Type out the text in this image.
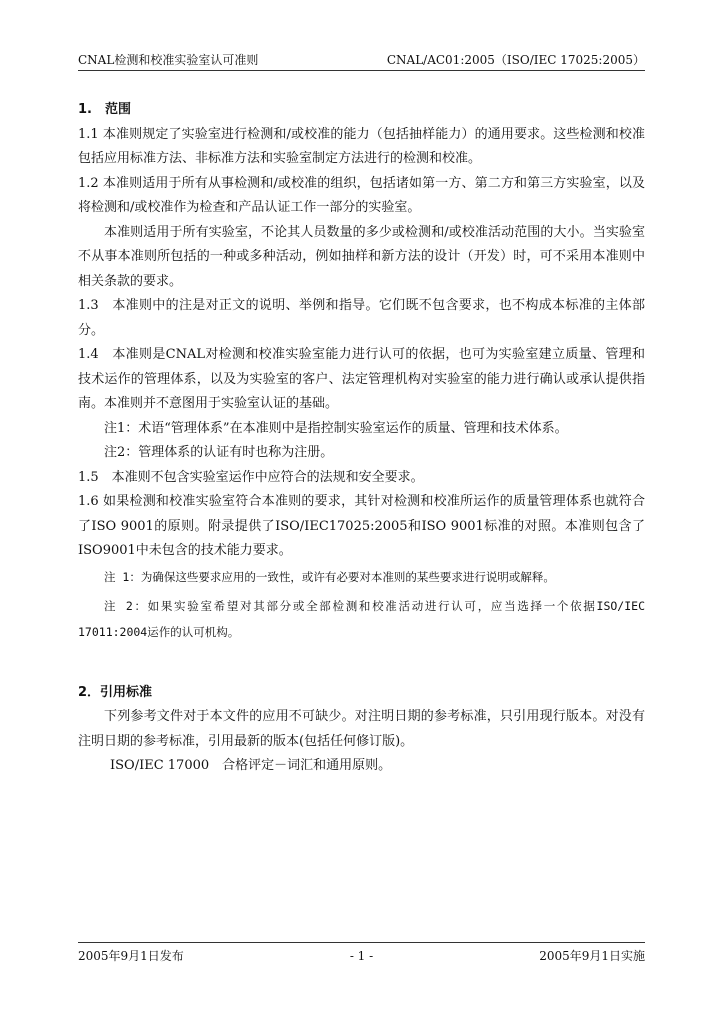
CNAL检测和校准实验室认可准则	CNAL/AC01:2005（ISO/IEC 17025:2005）

1.　范围

1.1 本准则规定了实验室进行检测和/或校准的能力（包括抽样能力）的通用要求。这些检测和校准包括应用标准方法、非标准方法和实验室制定方法进行的检测和校准。

1.2 本准则适用于所有从事检测和/或校准的组织，包括诸如第一方、第二方和第三方实验室，以及将检测和/或校准作为检查和产品认证工作一部分的实验室。

本准则适用于所有实验室，不论其人员数量的多少或检测和/或校准活动范围的大小。当实验室不从事本准则所包括的一种或多种活动，例如抽样和新方法的设计（开发）时，可不采用本准则中相关条款的要求。

1.3　本准则中的注是对正文的说明、举例和指导。它们既不包含要求，也不构成本标准的主体部分。

1.4　本准则是CNAL对检测和校准实验室能力进行认可的依据，也可为实验室建立质量、管理和技术运作的管理体系，以及为实验室的客户、法定管理机构对实验室的能力进行确认或承认提供指南。本准则并不意图用于实验室认证的基础。

注1：术语“管理体系”在本准则中是指控制实验室运作的质量、管理和技术体系。

注2：管理体系的认证有时也称为注册。

1.5　本准则不包含实验室运作中应符合的法规和安全要求。

1.6 如果检测和校准实验室符合本准则的要求，其针对检测和校准所运作的质量管理体系也就符合了ISO 9001的原则。附录提供了ISO/IEC17025:2005和ISO 9001标准的对照。本准则包含了ISO9001中未包含的技术能力要求。

注 1：为确保这些要求应用的一致性，或许有必要对本准则的某些要求进行说明或解释。

注 2：如果实验室希望对其部分或全部检测和校准活动进行认可，应当选择一个依据ISO/IEC 17011:2004运作的认可机构。

2．引用标准

下列参考文件对于本文件的应用不可缺少。对注明日期的参考标准，只引用现行版本。对没有注明日期的参考标准，引用最新的版本(包括任何修订版)。

ISO/IEC 17000　合格评定－词汇和通用原则。

2005年9月1日发布	- 1 -	2005年9月1日实施
